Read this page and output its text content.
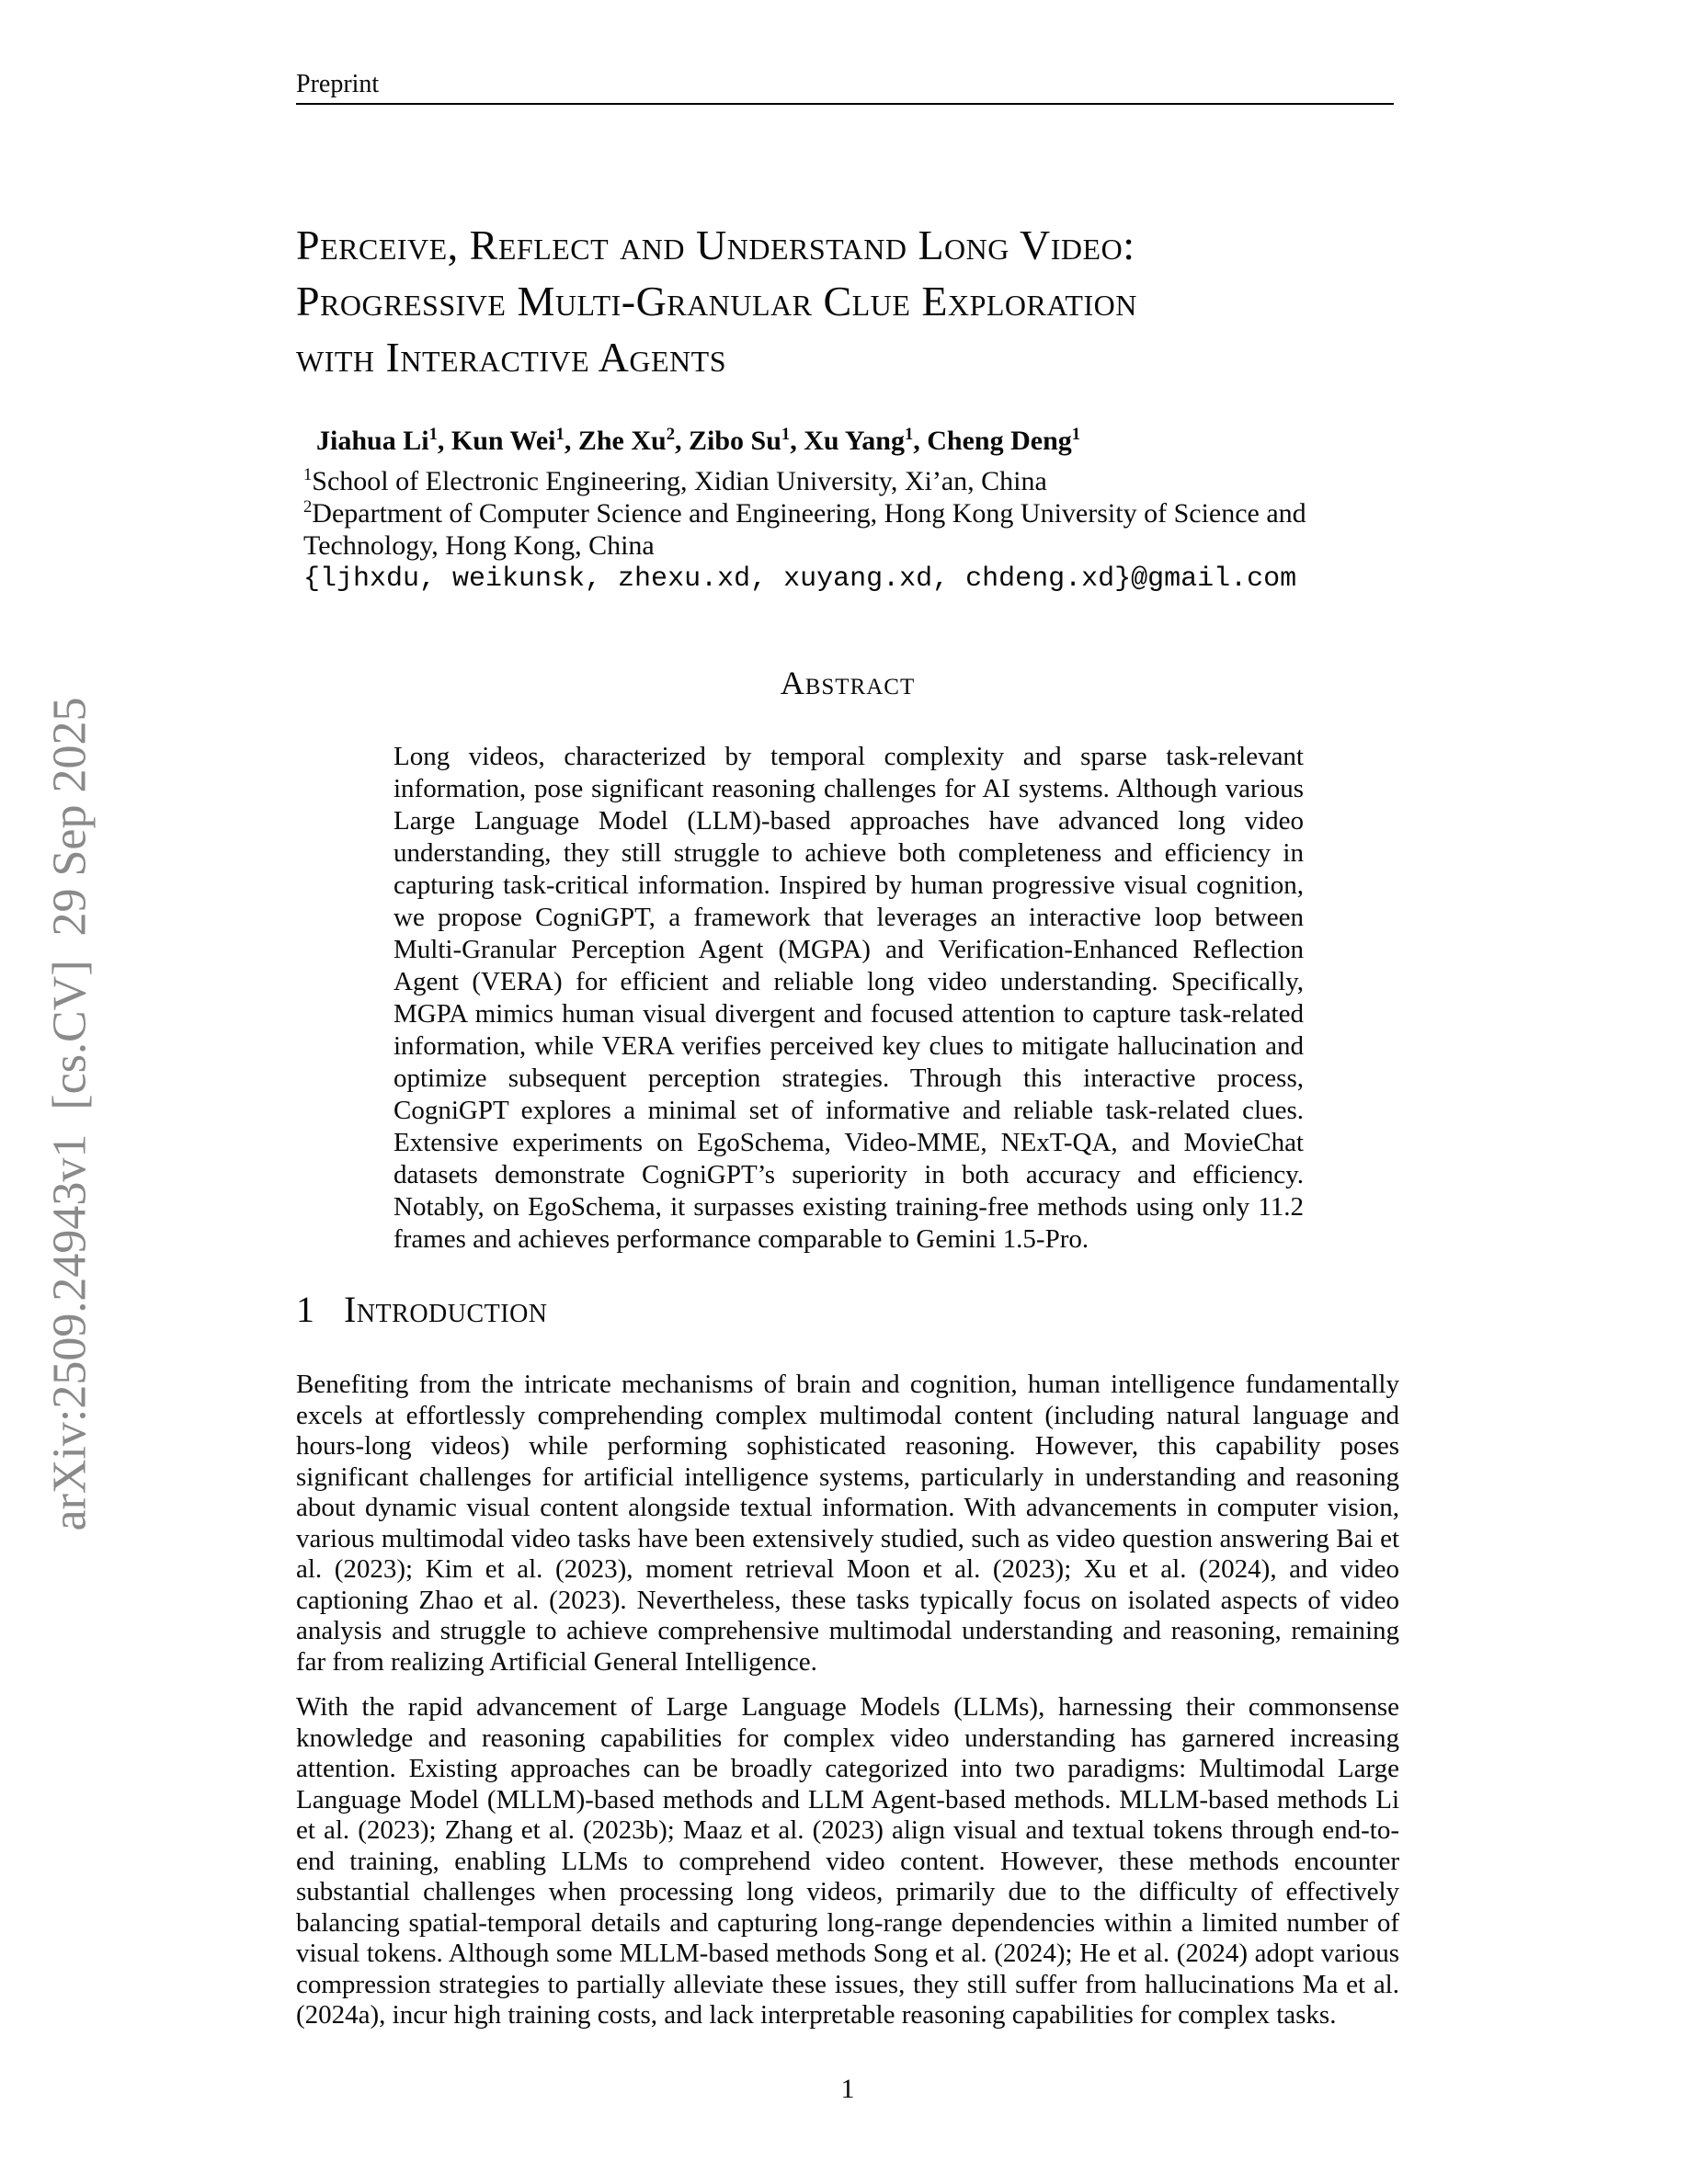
arXiv:2509.24943v1  [cs.CV]  29 Sep 2025
Preprint
Perceive, Reflect and Understand Long Video:
Progressive Multi-Granular Clue Exploration
with Interactive Agents
Jiahua Li$^1$, Kun Wei$^1$, Zhe Xu$^2$, Zibo Su$^1$, Xu Yang$^1$, Cheng Deng$^1$
$^1$School of Electronic Engineering, Xidian University, Xi’an, China
$^2$Department of Computer Science and Engineering, Hong Kong University of Science and Technology, Hong Kong, China
{ljhxdu, weikunsk, zhexu.xd, xuyang.xd, chdeng.xd}@gmail.com
Abstract
Long videos, characterized by temporal complexity and sparse task-relevant information, pose significant reasoning challenges for AI systems. Although various Large Language Model (LLM)-based approaches have advanced long video understanding, they still struggle to achieve both completeness and efficiency in capturing task-critical information. Inspired by human progressive visual cognition, we propose CogniGPT, a framework that leverages an interactive loop between Multi-Granular Perception Agent (MGPA) and Verification-Enhanced Reflection Agent (VERA) for efficient and reliable long video understanding. Specifically, MGPA mimics human visual divergent and focused attention to capture task-related information, while VERA verifies perceived key clues to mitigate hallucination and optimize subsequent perception strategies. Through this interactive process, CogniGPT explores a minimal set of informative and reliable task-related clues. Extensive experiments on EgoSchema, Video-MME, NExT-QA, and MovieChat datasets demonstrate CogniGPT’s superiority in both accuracy and efficiency. Notably, on EgoSchema, it surpasses existing training-free methods using only 11.2 frames and achieves performance comparable to Gemini 1.5-Pro.
1 Introduction

Benefiting from the intricate mechanisms of brain and cognition, human intelligence fundamentally excels at effortlessly comprehending complex multimodal content (including natural language and hours-long videos) while performing sophisticated reasoning. However, this capability poses significant challenges for artificial intelligence systems, particularly in understanding and reasoning about dynamic visual content alongside textual information. With advancements in computer vision, various multimodal video tasks have been extensively studied, such as video question answering Bai et al. (2023); Kim et al. (2023), moment retrieval Moon et al. (2023); Xu et al. (2024), and video captioning Zhao et al. (2023). Nevertheless, these tasks typically focus on isolated aspects of video analysis and struggle to achieve comprehensive multimodal understanding and reasoning, remaining far from realizing Artificial General Intelligence.

With the rapid advancement of Large Language Models (LLMs), harnessing their commonsense knowledge and reasoning capabilities for complex video understanding has garnered increasing attention. Existing approaches can be broadly categorized into two paradigms: Multimodal Large Language Model (MLLM)-based methods and LLM Agent-based methods. MLLM-based methods Li et al. (2023); Zhang et al. (2023b); Maaz et al. (2023) align visual and textual tokens through end-to-end training, enabling LLMs to comprehend video content. However, these methods encounter substantial challenges when processing long videos, primarily due to the difficulty of effectively balancing spatial-temporal details and capturing long-range dependencies within a limited number of visual tokens. Although some MLLM-based methods Song et al. (2024); He et al. (2024) adopt various compression strategies to partially alleviate these issues, they still suffer from hallucinations Ma et al. (2024a), incur high training costs, and lack interpretable reasoning capabilities for complex tasks.

1
